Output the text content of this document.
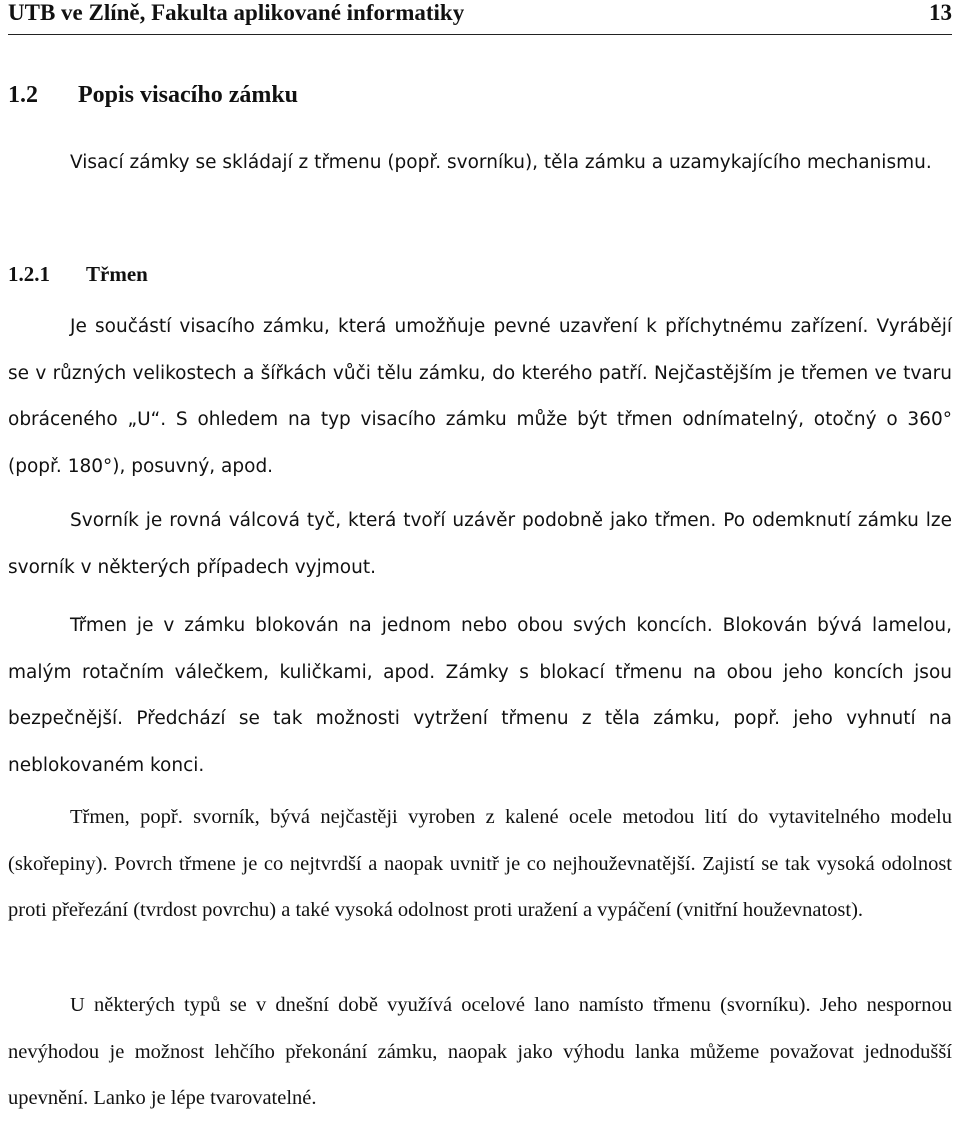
UTB ve Zlíně, Fakulta aplikované informatiky	13
1.2 Popis visacího zámku

Visací zámky se skládají z třmenu (popř. svorníku), těla zámku a uzamykajícího mechanismu.

1.2.1 Třmen

Je součástí visacího zámku, která umožňuje pevné uzavření k příchytnému zařízení. Vyrábějí se v různých velikostech a šířkách vůči tělu zámku, do kterého patří. Nejčastějším je třemen ve tvaru obráceného „U“. S ohledem na typ visacího zámku může být třmen odnímatelný, otočný o 360° (popř. 180°), posuvný, apod.

Svorník je rovná válcová tyč, která tvoří uzávěr podobně jako třmen. Po odemknutí zámku lze svorník v některých případech vyjmout.

Třmen je v zámku blokován na jednom nebo obou svých koncích. Blokován bývá lamelou, malým rotačním válečkem, kuličkami, apod. Zámky s blokací třmenu na obou jeho koncích jsou bezpečnější. Předchází se tak možnosti vytržení třmenu z těla zámku, popř. jeho vyhnutí na neblokovaném konci.

Třmen, popř. svorník, bývá nejčastěji vyroben z kalené ocele metodou lití do vytavitelného modelu (skořepiny). Povrch třmene je co nejtvrdší a naopak uvnitř je co nejhouževnatější. Zajistí se tak vysoká odolnost proti přeřezání (tvrdost povrchu) a také vysoká odolnost proti uražení a vypáčení (vnitřní houževnatost).

U některých typů se v dnešní době využívá ocelové lano namísto třmenu (svorníku). Jeho nespornou nevýhodou je možnost lehčího překonání zámku, naopak jako výhodu lanka můžeme považovat jednodušší upevnění. Lanko je lépe tvarovatelné.
